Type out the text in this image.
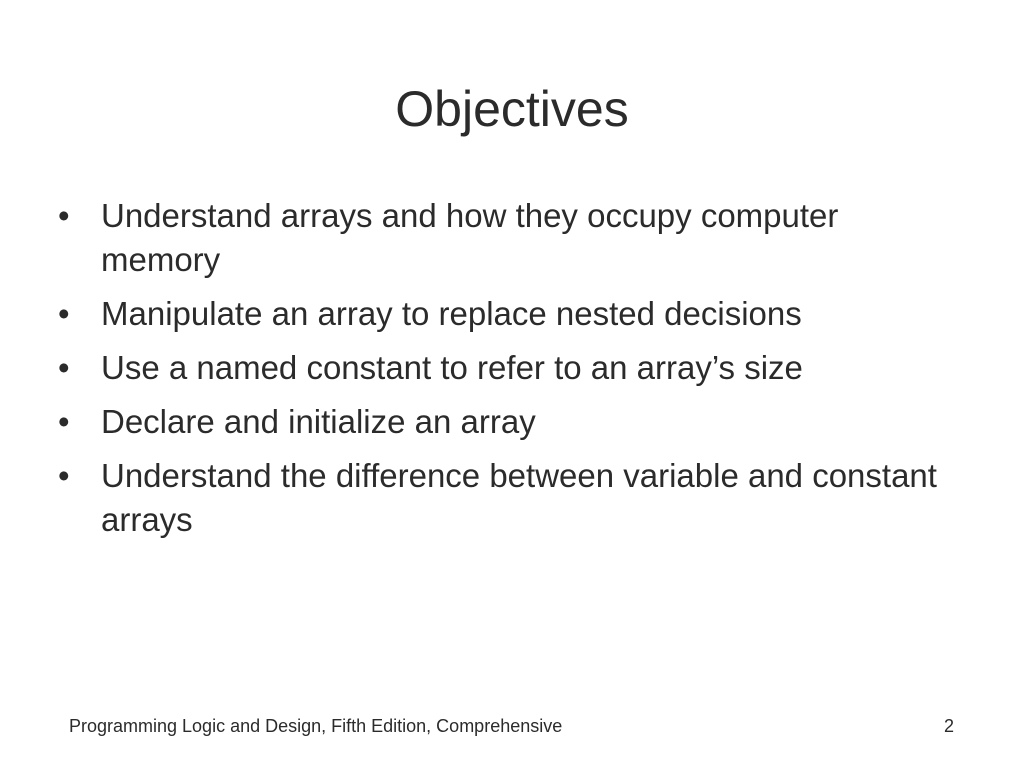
Objectives
• Understand arrays and how they occupy computer memory
• Manipulate an array to replace nested decisions
• Use a named constant to refer to an array’s size
• Declare and initialize an array
• Understand the difference between variable and constant arrays
Programming Logic and Design, Fifth Edition, Comprehensive	2
